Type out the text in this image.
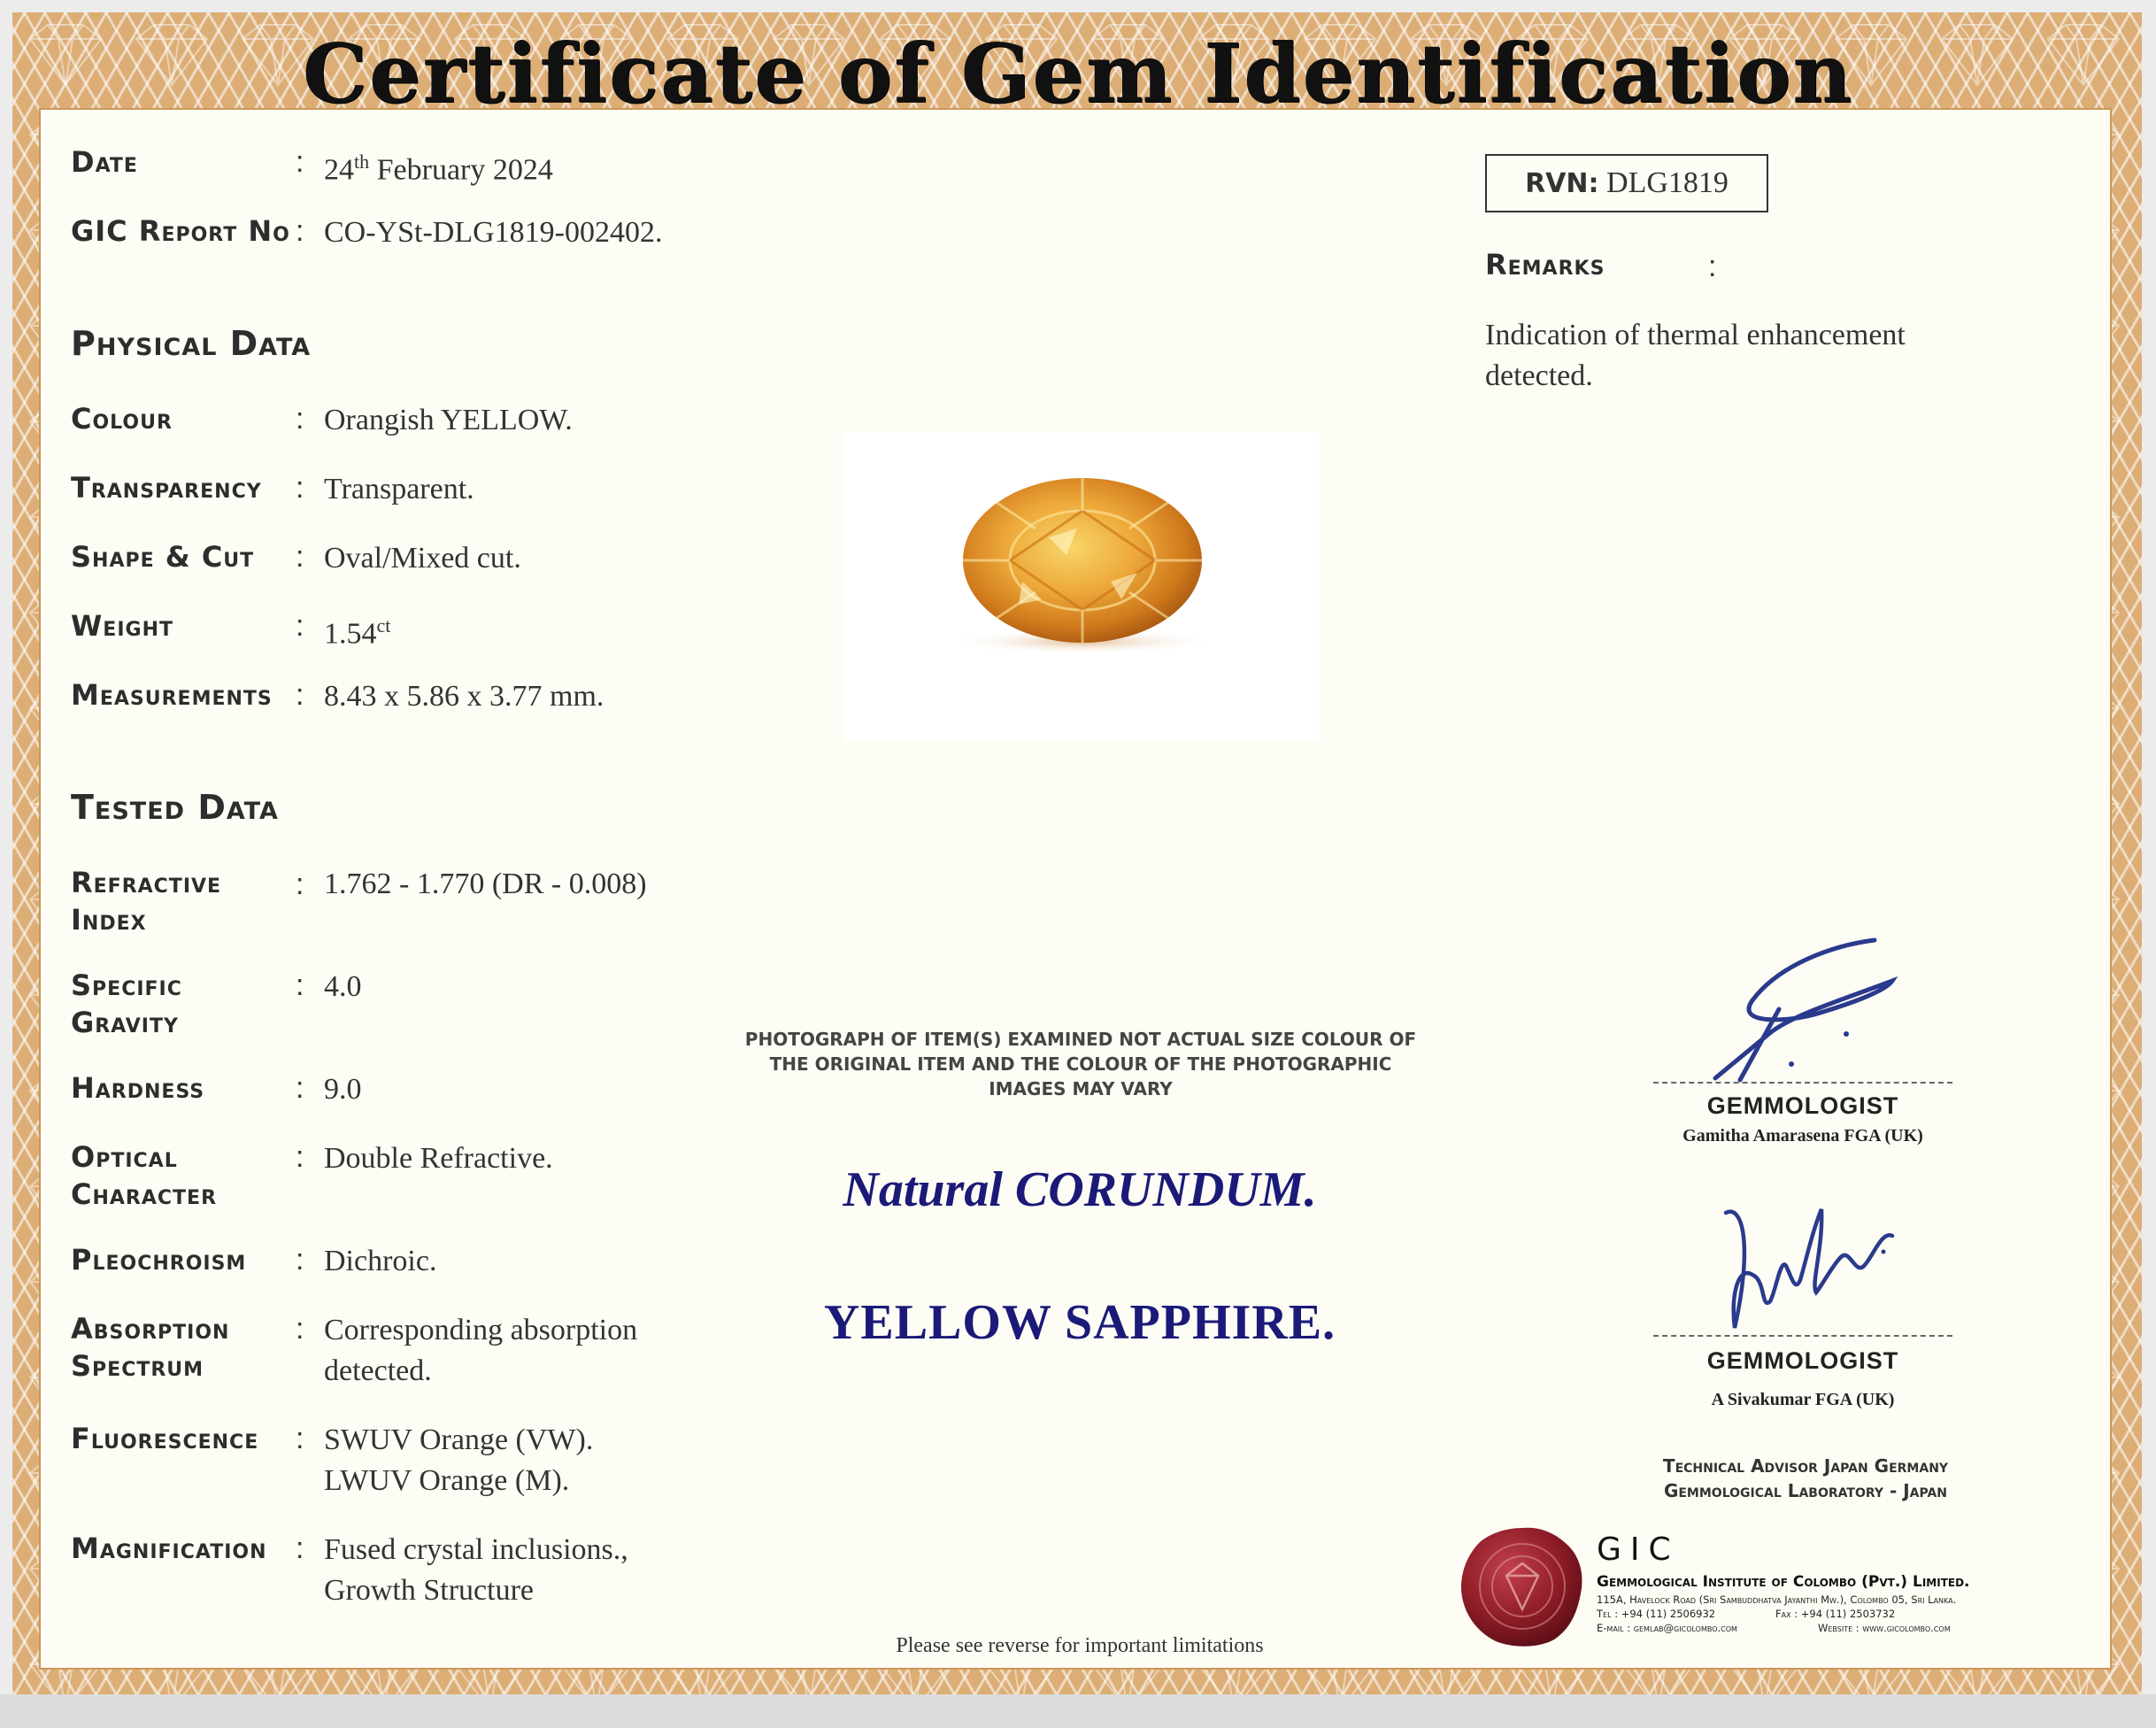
Certificate of Gem Identification
Date	: 24th February 2024
GIC Report No : CO-YSt-DLG1819-002402.
Physical Data
Colour	: Orangish YELLOW.
Transparency : Transparent.
Shape & Cut : Oval/Mixed cut.
Weight	: $1.54^{ct}$
Measurements : 8.43 x 5.86 x 3.77 mm.
Tested Data
Refractive
Index
: 1.762 - 1.770 (DR - 0.008)
Specific
Gravity
: 4.0
Hardness	: 9.0
Optical
Character
: Double Refractive.
Pleochroism : Dichroic.
Absorption
Spectrum
: Corresponding absorption
detected.
Fluorescence : SWUV Orange (VW).
LWUV Orange (M).
Magnification : Fused crystal inclusions.,
Growth Structure
RVN: DLG1819
Remarks	:
Indication of thermal enhancement
detected.
PHOTOGRAPH OF ITEM(S) EXAMINED NOT ACTUAL SIZE COLOUR OF
THE ORIGINAL ITEM AND THE COLOUR OF THE PHOTOGRAPHIC
IMAGES MAY VARY
Natural CORUNDUM.
YELLOW SAPPHIRE.
GEMMOLOGIST
Gamitha Amarasena FGA (UK)
GEMMOLOGIST
A Sivakumar FGA (UK)
Technical Advisor Japan Germany
Gemmological Laboratory - Japan
GIC
Gemmological Institute of Colombo (Pvt.) Limited.
115A, Havelock Road (Sri Sambuddhatva Jayanthi Mw.), Colombo 05, Sri Lanka.
Tel : +94 (11) 2506932	Fax : +94 (11) 2503732
E-mail : gemlab@gicolombo.com	Website : www.gicolombo.com
Please see reverse for important limitations
